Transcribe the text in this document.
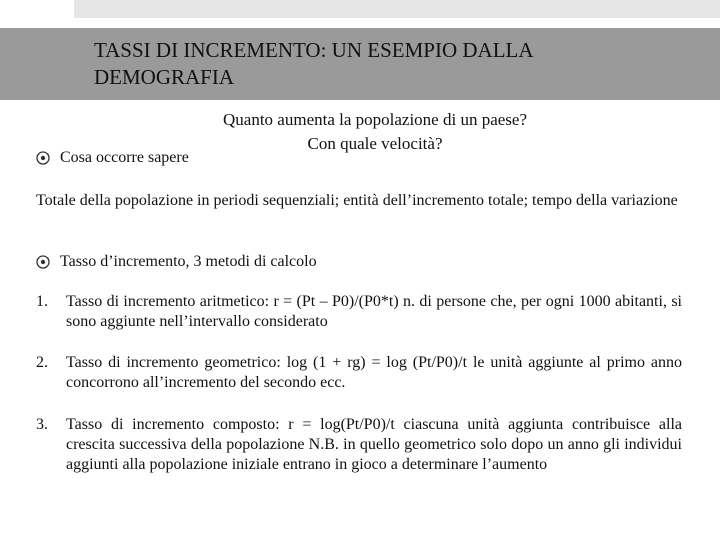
TASSI DI INCREMENTO: UN ESEMPIO DALLA DEMOGRAFIA
Quanto aumenta la popolazione di un paese?
Con quale velocità?
Cosa occorre sapere
Totale della popolazione in periodi sequenziali; entità dell’incremento totale; tempo della variazione
Tasso d’incremento, 3 metodi di calcolo
1.	Tasso di incremento aritmetico: r = (Pt – P0)/(P0*t) n. di persone che, per ogni 1000 abitanti, si sono aggiunte nell’intervallo considerato
2.	Tasso di incremento geometrico: log (1 + rg) = log (Pt/P0)/t le unità aggiunte al primo anno concorrono all’incremento del secondo ecc.
3.	Tasso di incremento composto: r = log(Pt/P0)/t ciascuna unità aggiunta contribuisce alla crescita successiva della popolazione N.B. in quello geometrico solo dopo un anno gli individui aggiunti alla popolazione iniziale entrano in gioco a determinare l’aumento
